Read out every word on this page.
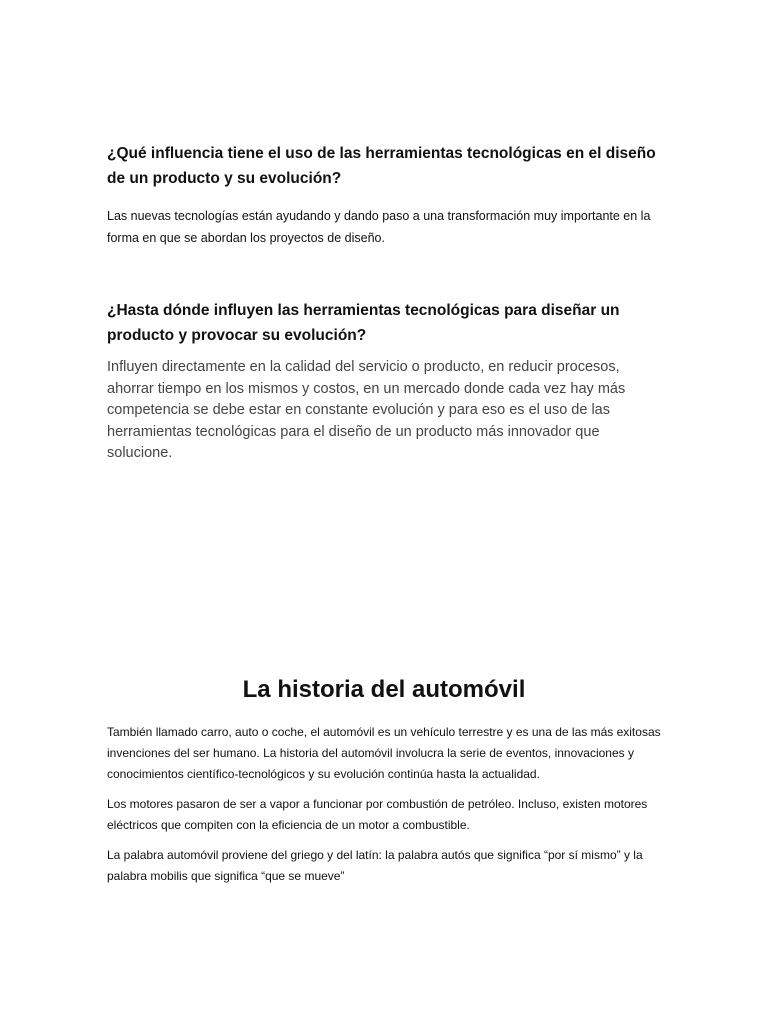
¿Qué influencia tiene el uso de las herramientas tecnológicas en el diseño de un producto y su evolución?

Las nuevas tecnologías están ayudando y dando paso a una transformación muy importante en la forma en que se abordan los proyectos de diseño.

¿Hasta dónde influyen las herramientas tecnológicas para diseñar un producto y provocar su evolución?

Influyen directamente en la calidad del servicio o producto, en reducir procesos, ahorrar tiempo en los mismos y costos, en un mercado donde cada vez hay más competencia se debe estar en constante evolución y para eso es el uso de las herramientas tecnológicas para el diseño de un producto más innovador que solucione.

La historia del automóvil

También llamado carro, auto o coche, el automóvil es un vehículo terrestre y es una de las más exitosas invenciones del ser humano. La historia del automóvil involucra la serie de eventos, innovaciones y conocimientos científico-tecnológicos y su evolución continúa hasta la actualidad.

Los motores pasaron de ser a vapor a funcionar por combustión de petróleo. Incluso, existen motores eléctricos que compiten con la eficiencia de un motor a combustible.

La palabra automóvil proviene del griego y del latín: la palabra autós que significa “por sí mismo” y la palabra mobilis que significa “que se mueve”
